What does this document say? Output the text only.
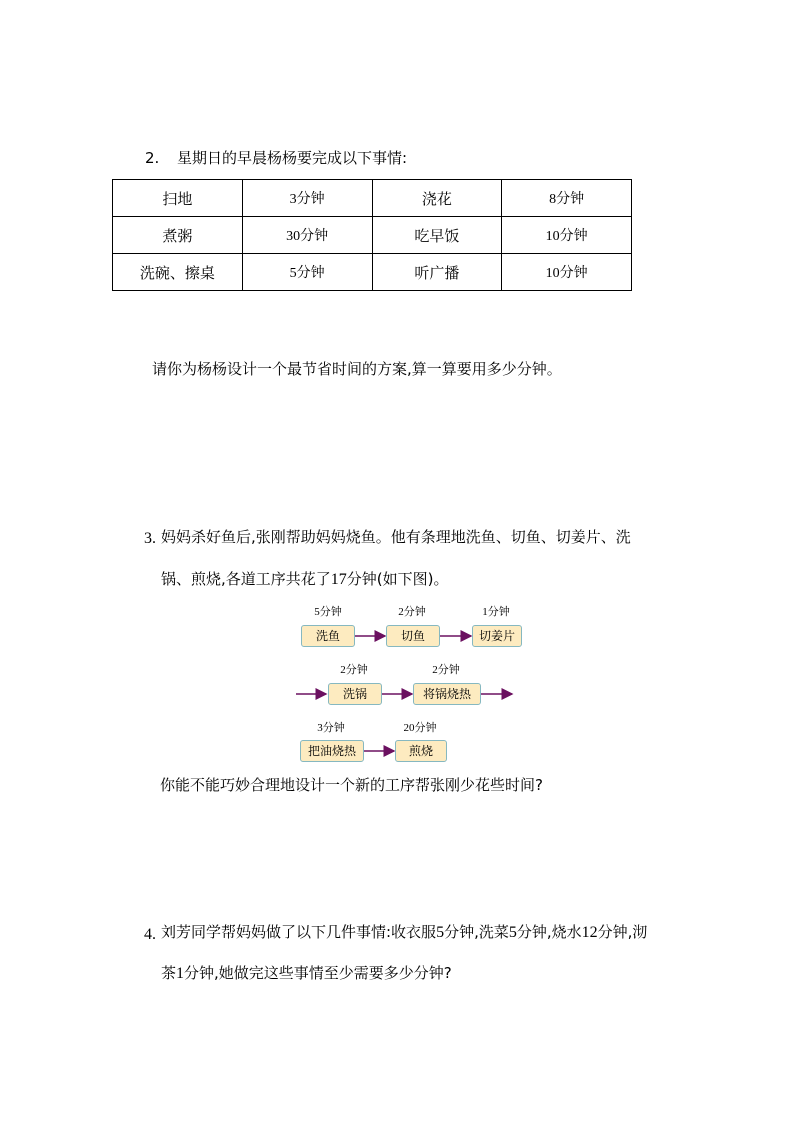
2. 星期日的早晨杨杨要完成以下事情:
扫地	3分钟	浇花	8分钟
煮粥	30分钟	吃早饭	10分钟
洗碗、擦桌	5分钟	听广播	10分钟
请你为杨杨设计一个最节省时间的方案,算一算要用多少分钟。
3. 妈妈杀好鱼后,张刚帮助妈妈烧鱼。他有条理地洗鱼、切鱼、切姜片、洗
锅、煎烧,各道工序共花了17分钟(如下图)。
5分钟
洗鱼
2分钟
切鱼
1分钟
切姜片
2分钟
洗锅
2分钟
将锅烧热
3分钟
把油烧热
20分钟
煎烧
你能不能巧妙合理地设计一个新的工序帮张刚少花些时间?
4. 刘芳同学帮妈妈做了以下几件事情:收衣服5分钟,洗菜5分钟,烧水12分钟,沏
茶1分钟,她做完这些事情至少需要多少分钟?
